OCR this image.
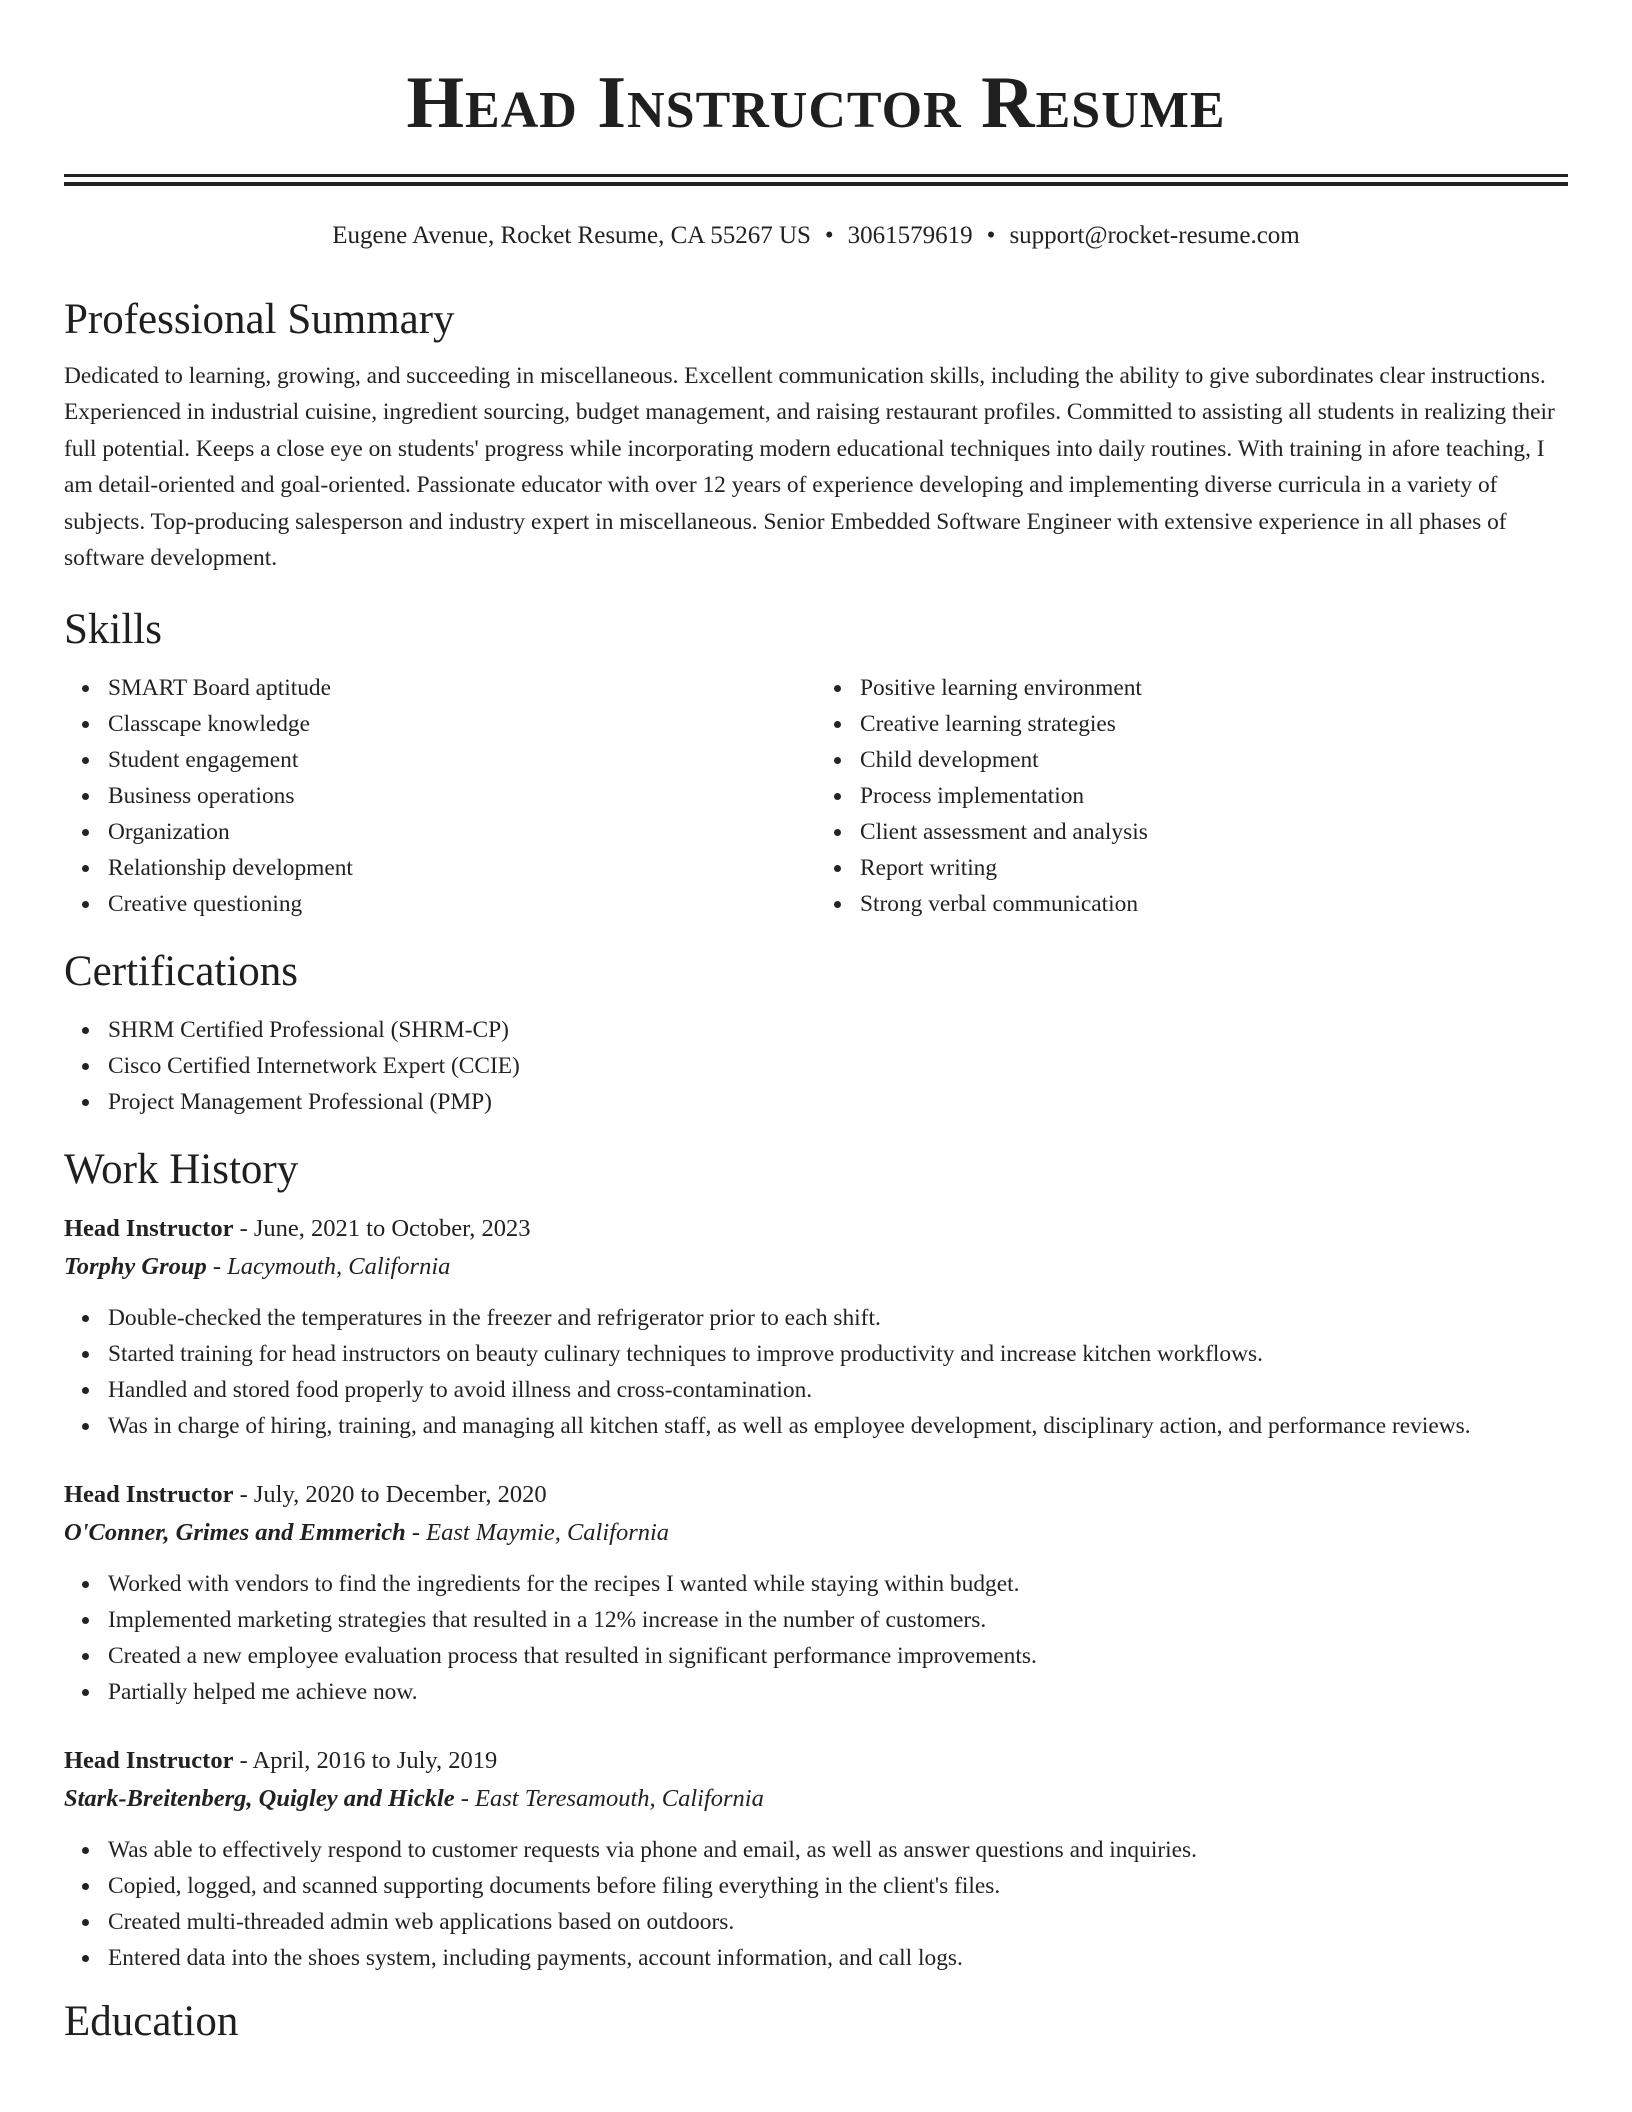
Head Instructor Resume
Eugene Avenue, Rocket Resume, CA 55267 US • 3061579619 • support@rocket-resume.com
Professional Summary

Dedicated to learning, growing, and succeeding in miscellaneous. Excellent communication skills, including the ability to give subordinates clear instructions. Experienced in industrial cuisine, ingredient sourcing, budget management, and raising restaurant profiles. Committed to assisting all students in realizing their full potential. Keeps a close eye on students' progress while incorporating modern educational techniques into daily routines. With training in afore teaching, I am detail-oriented and goal-oriented. Passionate educator with over 12 years of experience developing and implementing diverse curricula in a variety of subjects. Top-producing salesperson and industry expert in miscellaneous. Senior Embedded Software Engineer with extensive experience in all phases of software development.

Skills
SMART Board aptitude
Classcape knowledge
Student engagement
Business operations
Organization
Relationship development
Creative questioning
Positive learning environment
Creative learning strategies
Child development
Process implementation
Client assessment and analysis
Report writing
Strong verbal communication
Certifications
SHRM Certified Professional (SHRM-CP)
Cisco Certified Internetwork Expert (CCIE)
Project Management Professional (PMP)
Work History
Head Instructor - June, 2021 to October, 2023
Torphy Group - Lacymouth, California
Double-checked the temperatures in the freezer and refrigerator prior to each shift.
Started training for head instructors on beauty culinary techniques to improve productivity and increase kitchen workflows.
Handled and stored food properly to avoid illness and cross-contamination.
Was in charge of hiring, training, and managing all kitchen staff, as well as employee development, disciplinary action, and performance reviews.
Head Instructor - July, 2020 to December, 2020
O'Conner, Grimes and Emmerich - East Maymie, California
Worked with vendors to find the ingredients for the recipes I wanted while staying within budget.
Implemented marketing strategies that resulted in a 12% increase in the number of customers.
Created a new employee evaluation process that resulted in significant performance improvements.
Partially helped me achieve now.
Head Instructor - April, 2016 to July, 2019
Stark-Breitenberg, Quigley and Hickle - East Teresamouth, California
Was able to effectively respond to customer requests via phone and email, as well as answer questions and inquiries.
Copied, logged, and scanned supporting documents before filing everything in the client's files.
Created multi-threaded admin web applications based on outdoors.
Entered data into the shoes system, including payments, account information, and call logs.
Education
